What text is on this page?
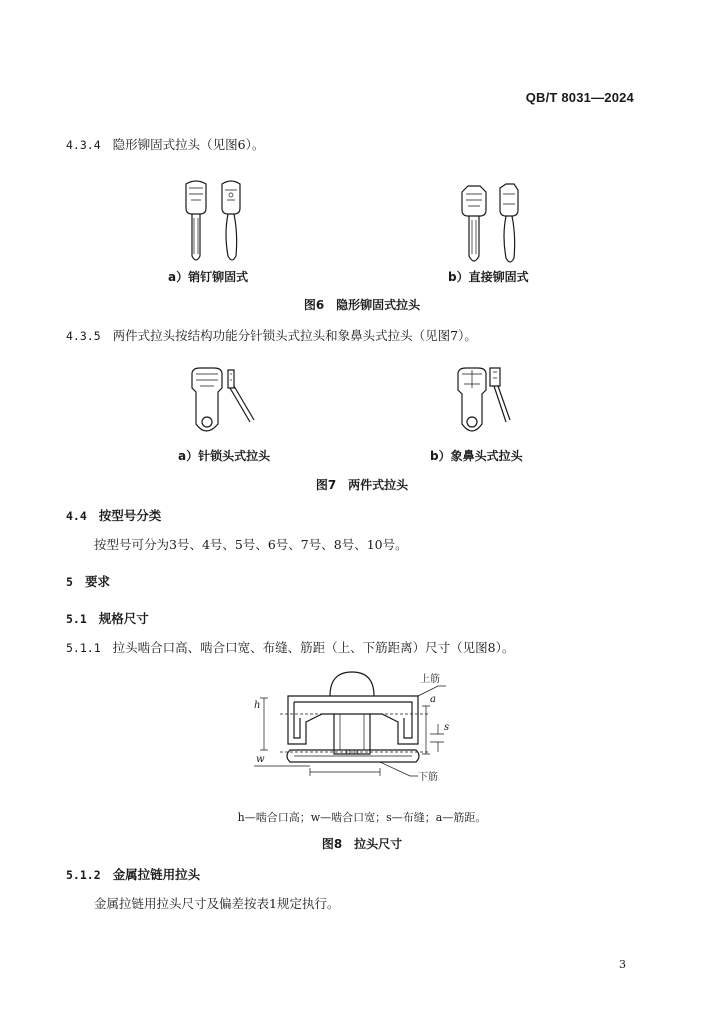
QB/T 8031—2024
4.3.4 隐形铆固式拉头（见图6）。
a）销钉铆固式	b）直接铆固式
图6　隐形铆固式拉头
4.3.5 两件式拉头按结构功能分针锁头式拉头和象鼻头式拉头（见图7）。
a）针锁头式拉头	b）象鼻头式拉头
图7　两件式拉头
4.4 按型号分类
按型号可分为3号、4号、5号、6号、7号、8号、10号。
5 要求
5.1 规格尺寸
5.1.1 拉头啮合口高、啮合口宽、布缝、筋距（上、下筋距离）尺寸（见图8）。
h
w
上筋
a
s
下筋
h—啮合口高；w—啮合口宽；s—布缝；a—筋距。
图8　拉头尺寸
5.1.2 金属拉链用拉头
金属拉链用拉头尺寸及偏差按表1规定执行。
3
